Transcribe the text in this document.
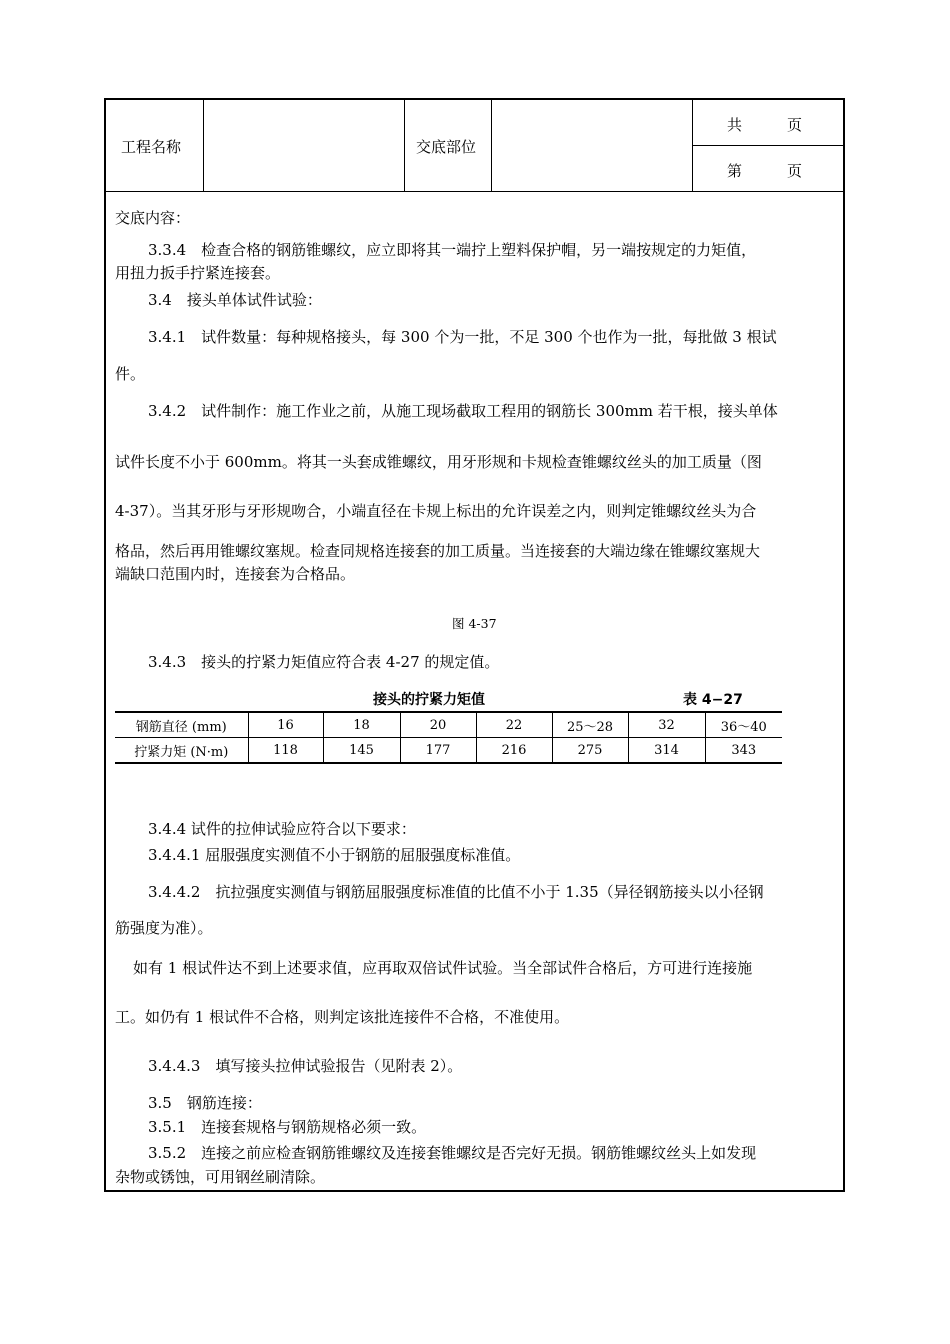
工程名称	交底部位
共　　　页
第　　　页
交底内容：
3.3.4　检查合格的钢筋锥螺纹，应立即将其一端拧上塑料保护帽，另一端按规定的力矩值，
用扭力扳手拧紧连接套。
3.4　接头单体试件试验：
3.4.1　试件数量：每种规格接头，每 300 个为一批，不足 300 个也作为一批，每批做 3 根试
件。
3.4.2　试件制作：施工作业之前，从施工现场截取工程用的钢筋长 300mm 若干根，接头单体
试件长度不小于 600mm。将其一头套成锥螺纹，用牙形规和卡规检查锥螺纹丝头的加工质量（图
4-37）。当其牙形与牙形规吻合，小端直径在卡规上标出的允许误差之内，则判定锥螺纹丝头为合
格品，然后再用锥螺纹塞规。检查同规格连接套的加工质量。当连接套的大端边缘在锥螺纹塞规大
端缺口范围内时，连接套为合格品。
图 4-37
3.4.3　接头的拧紧力矩值应符合表 4-27 的规定值。
接头的拧紧力矩值	表 4−27
钢筋直径 (mm)	16	18	20	22	25～28	32	36～40
拧紧力矩 (N·m)	118	145	177	216	275	314	343
3.4.4 试件的拉伸试验应符合以下要求：
3.4.4.1 屈服强度实测值不小于钢筋的屈服强度标准值。
3.4.4.2　抗拉强度实测值与钢筋屈服强度标准值的比值不小于 1.35（异径钢筋接头以小径钢
筋强度为准）。
如有 1 根试件达不到上述要求值，应再取双倍试件试验。当全部试件合格后，方可进行连接施
工。如仍有 1 根试件不合格，则判定该批连接件不合格，不准使用。
3.4.4.3　填写接头拉伸试验报告（见附表 2）。
3.5　钢筋连接：
3.5.1　连接套规格与钢筋规格必须一致。
3.5.2　连接之前应检查钢筋锥螺纹及连接套锥螺纹是否完好无损。钢筋锥螺纹丝头上如发现
杂物或锈蚀，可用钢丝刷清除。
